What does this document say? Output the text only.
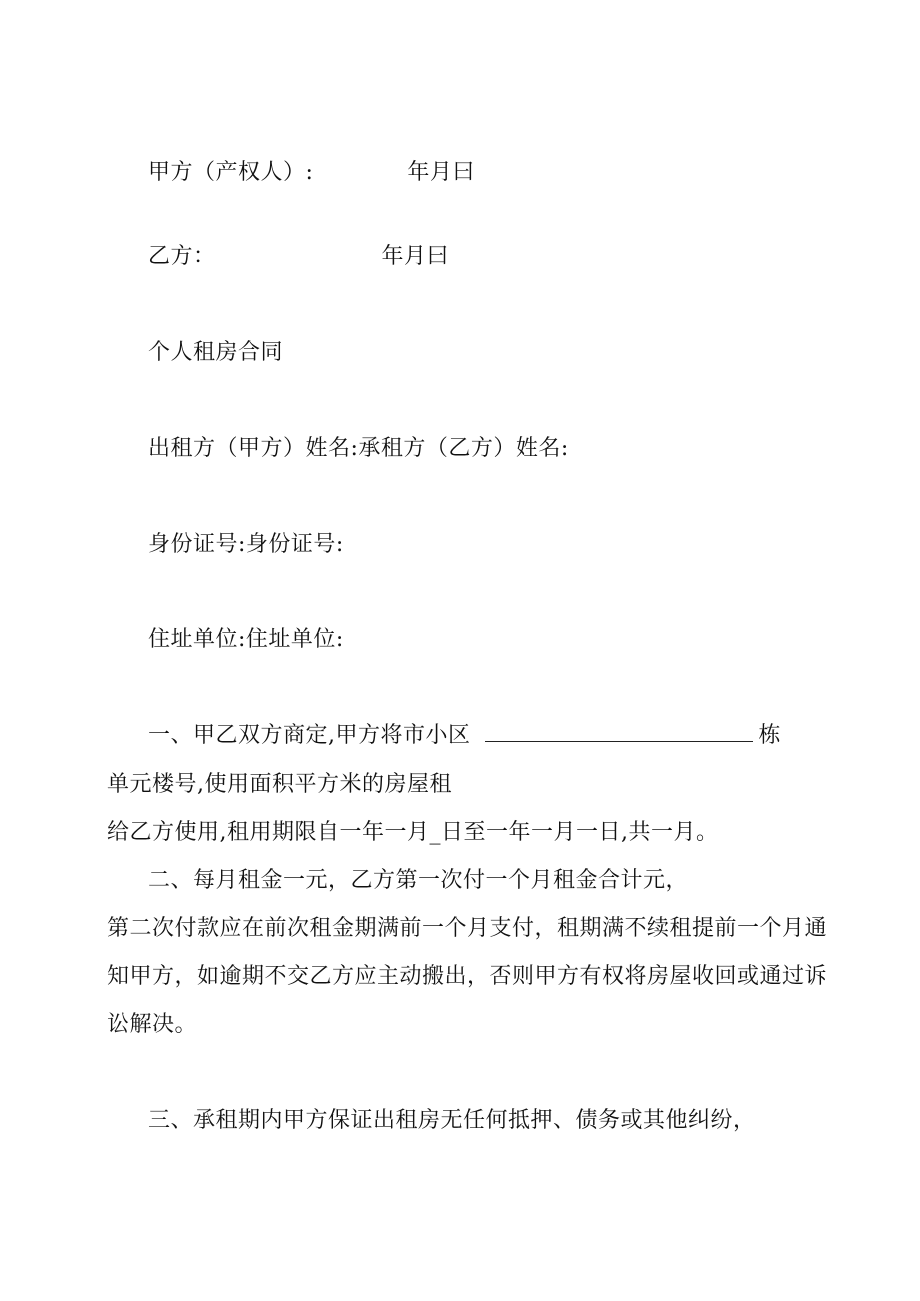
甲方（产权人）:	年月曰
乙方：	年月曰
个人租房合同
出租方（甲方）姓名:承租方（乙方）姓名:
身份证号:身份证号:
住址单位:住址单位:
一、甲乙双方商定,甲方将市小区	栋
单元楼号,使用面积平方米的房屋租
给乙方使用,租用期限自一年一月_日至一年一月一日,共一月。
二、每月租金一元，乙方第一次付一个月租金合计元，
第二次付款应在前次租金期满前一个月支付，租期满不续租提前一个月通
知甲方，如逾期不交乙方应主动搬出，否则甲方有权将房屋收回或通过诉
讼解决。
三、承租期内甲方保证出租房无任何抵押、债务或其他纠纷，
